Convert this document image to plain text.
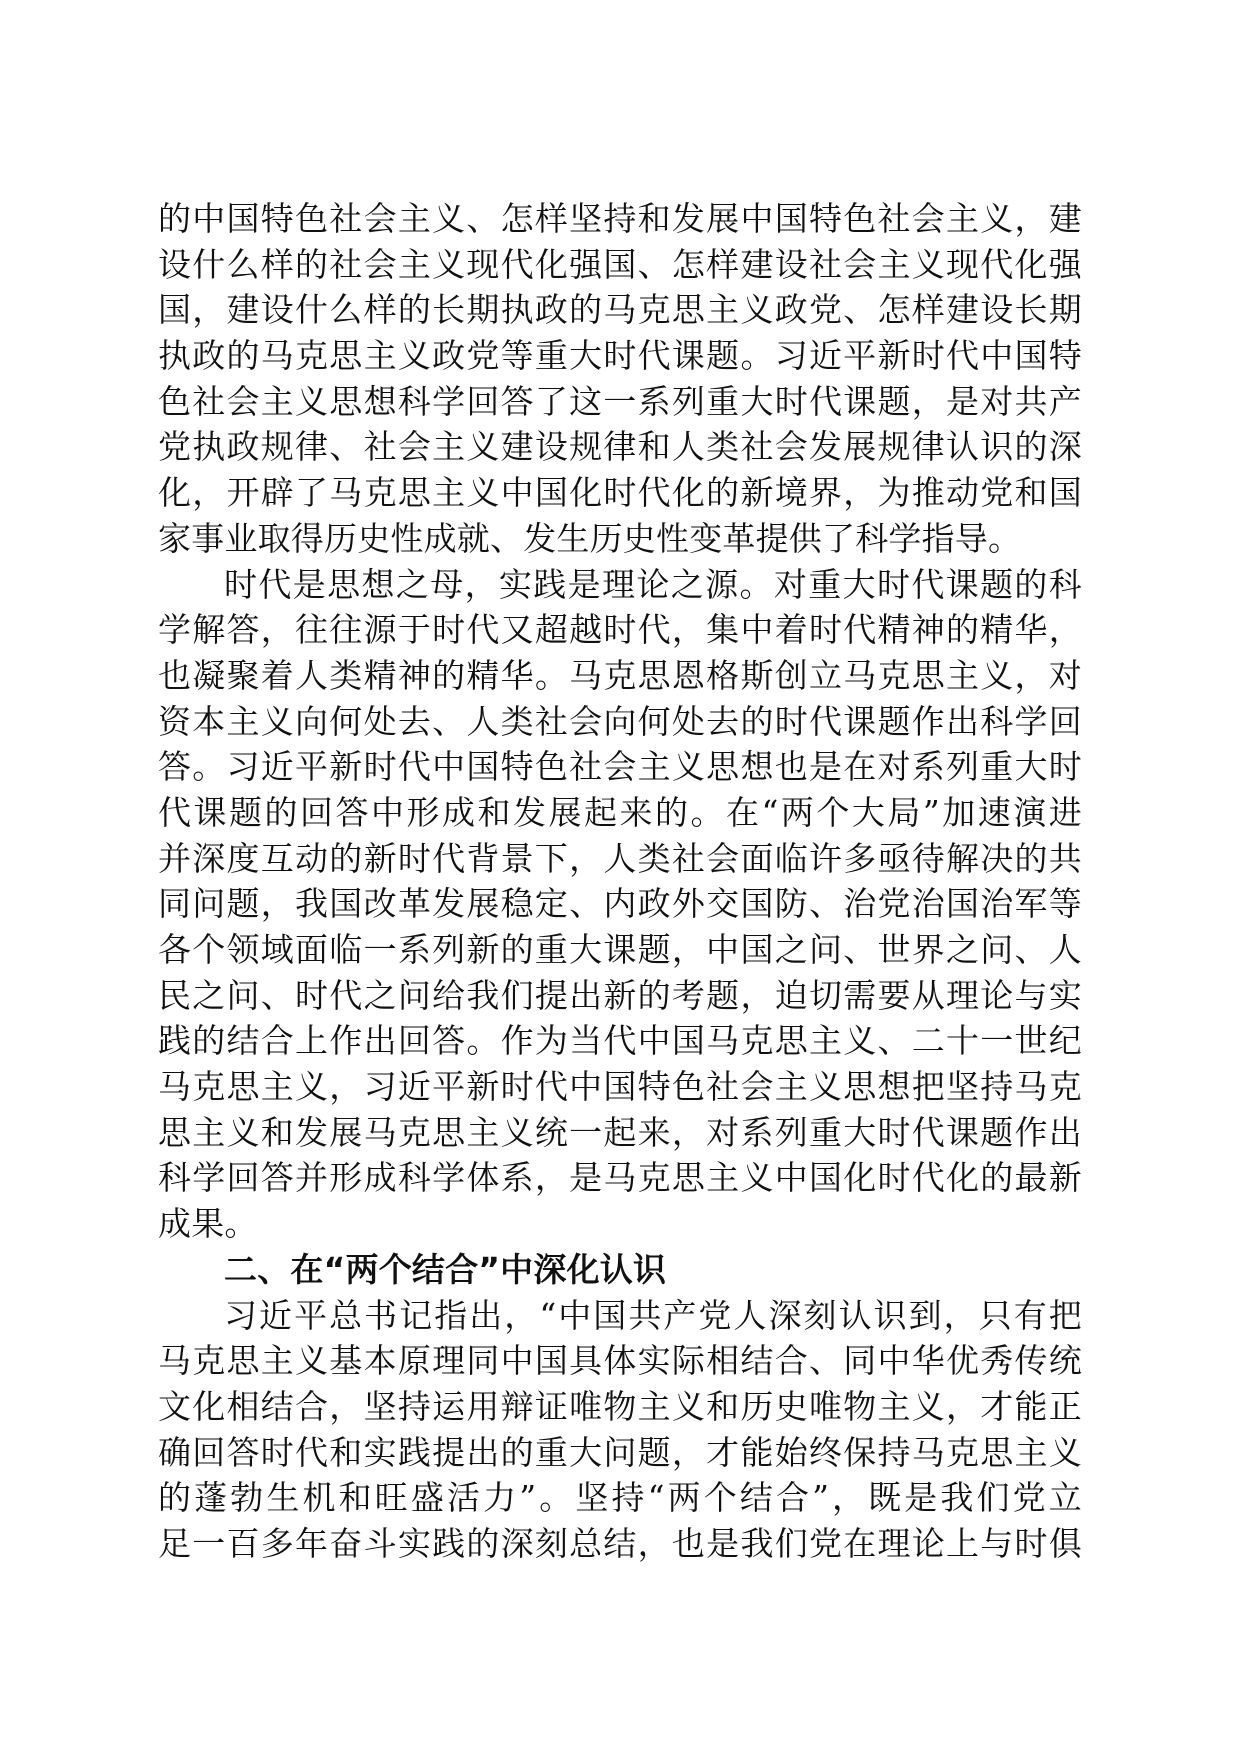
的中国特色社会主义、怎样坚持和发展中国特色社会主义，建
设什么样的社会主义现代化强国、怎样建设社会主义现代化强
国，建设什么样的长期执政的马克思主义政党、怎样建设长期
执政的马克思主义政党等重大时代课题。习近平新时代中国特
色社会主义思想科学回答了这一系列重大时代课题，是对共产
党执政规律、社会主义建设规律和人类社会发展规律认识的深
化，开辟了马克思主义中国化时代化的新境界，为推动党和国
家事业取得历史性成就、发生历史性变革提供了科学指导。
时代是思想之母，实践是理论之源。对重大时代课题的科
学解答，往往源于时代又超越时代，集中着时代精神的精华，
也凝聚着人类精神的精华。马克思恩格斯创立马克思主义，对
资本主义向何处去、人类社会向何处去的时代课题作出科学回
答。习近平新时代中国特色社会主义思想也是在对系列重大时
代课题的回答中形成和发展起来的。在“两个大局”加速演进
并深度互动的新时代背景下，人类社会面临许多亟待解决的共
同问题，我国改革发展稳定、内政外交国防、治党治国治军等
各个领域面临一系列新的重大课题，中国之问、世界之问、人
民之问、时代之问给我们提出新的考题，迫切需要从理论与实
践的结合上作出回答。作为当代中国马克思主义、二十一世纪
马克思主义，习近平新时代中国特色社会主义思想把坚持马克
思主义和发展马克思主义统一起来，对系列重大时代课题作出
科学回答并形成科学体系，是马克思主义中国化时代化的最新
成果。
二、在“两个结合”中深化认识
习近平总书记指出，“中国共产党人深刻认识到，只有把
马克思主义基本原理同中国具体实际相结合、同中华优秀传统
文化相结合，坚持运用辩证唯物主义和历史唯物主义，才能正
确回答时代和实践提出的重大问题，才能始终保持马克思主义
的蓬勃生机和旺盛活力”。坚持“两个结合”，既是我们党立
足一百多年奋斗实践的深刻总结，也是我们党在理论上与时俱
